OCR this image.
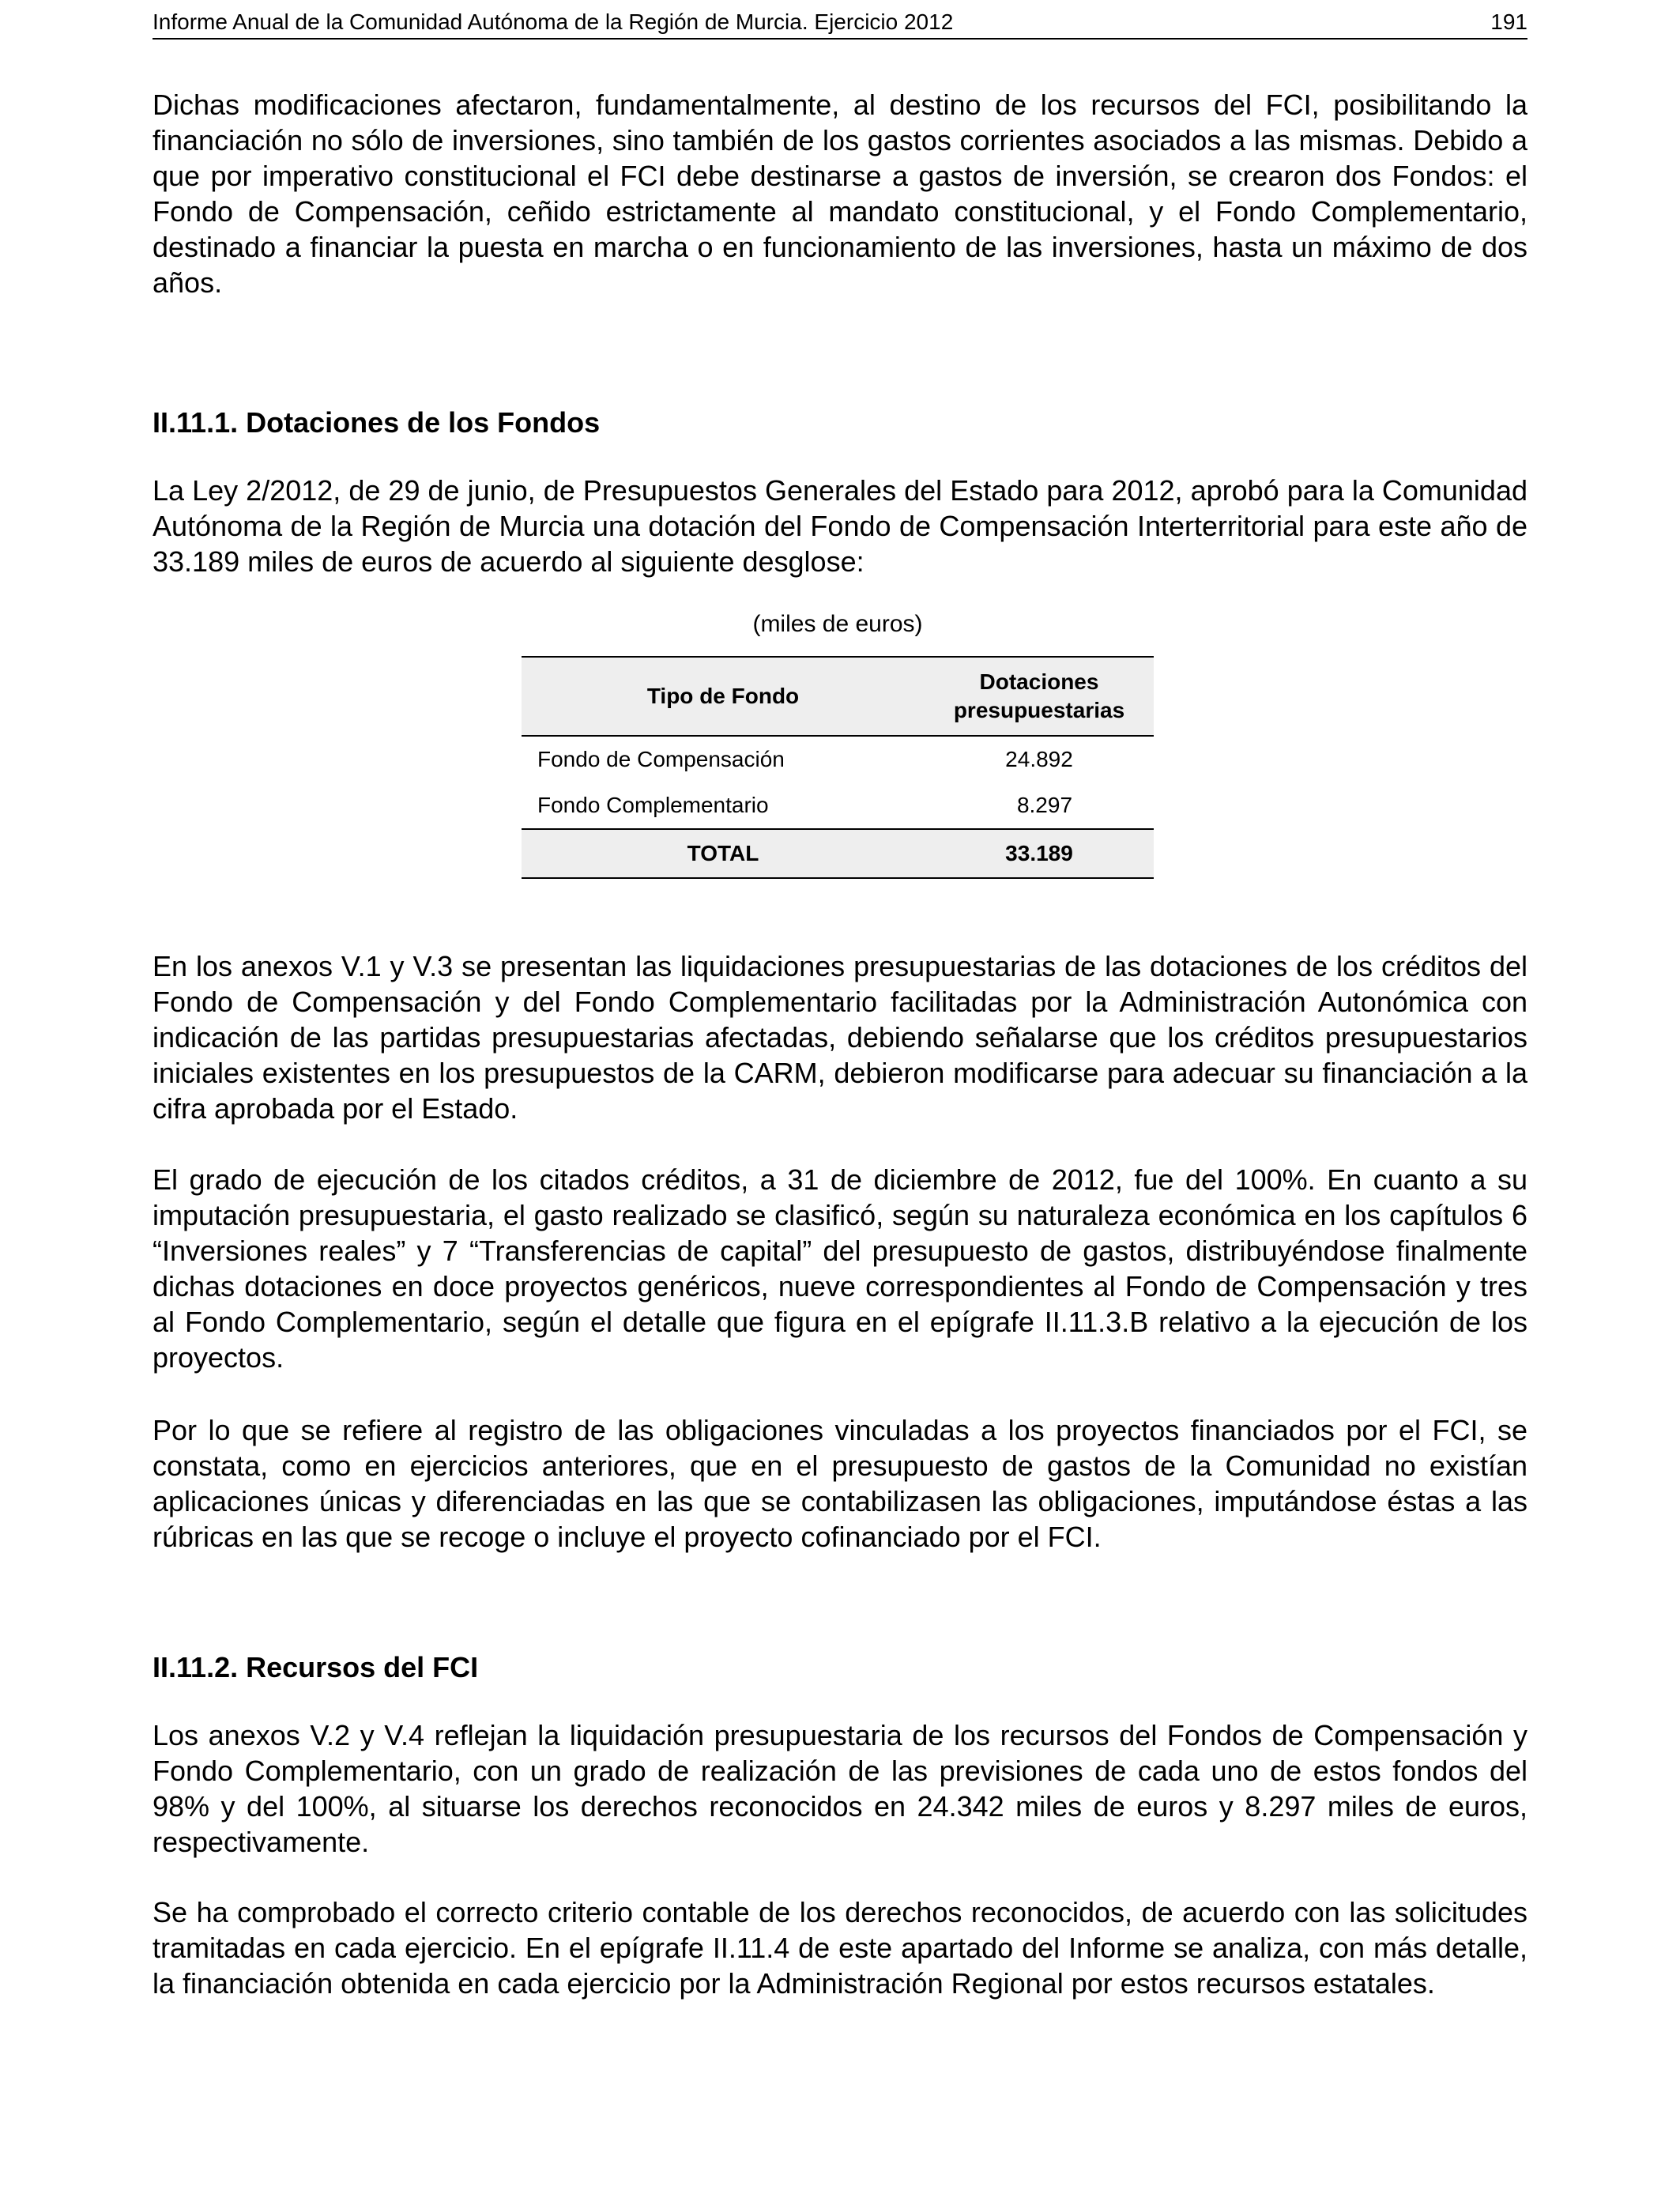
Informe Anual de la Comunidad Autónoma de la Región de Murcia. Ejercicio 2012	191

Dichas modificaciones afectaron, fundamentalmente, al destino de los recursos del FCI, posibilitando la financiación no sólo de inversiones, sino también de los gastos corrientes asociados a las mismas. Debido a que por imperativo constitucional el FCI debe destinarse a gastos de inversión, se crearon dos Fondos: el Fondo de Compensación, ceñido estrictamente al mandato constitucional, y el Fondo Complementario, destinado a financiar la puesta en marcha o en funcionamiento de las inversiones, hasta un máximo de dos años.

II.11.1. Dotaciones de los Fondos

La Ley 2/2012, de 29 de junio, de Presupuestos Generales del Estado para 2012, aprobó para la Comunidad Autónoma de la Región de Murcia una dotación del Fondo de Compensación Interterritorial para este año de 33.189 miles de euros de acuerdo al siguiente desglose:

(miles de euros)
Tipo de Fondo	Dotaciones
presupuestarias
Fondo de Compensación	24.892
Fondo Complementario	8.297
TOTAL	33.189

En los anexos V.1 y V.3 se presentan las liquidaciones presupuestarias de las dotaciones de los créditos del Fondo de Compensación y del Fondo Complementario facilitadas por la Administración Autonómica con indicación de las partidas presupuestarias afectadas, debiendo señalarse que los créditos presupuestarios iniciales existentes en los presupuestos de la CARM, debieron modificarse para adecuar su financiación a la cifra aprobada por el Estado.

El grado de ejecución de los citados créditos, a 31 de diciembre de 2012, fue del 100%. En cuanto a su imputación presupuestaria, el gasto realizado se clasificó, según su naturaleza económica en los capítulos 6 “Inversiones reales” y 7 “Transferencias de capital” del presupuesto de gastos, distribuyéndose finalmente dichas dotaciones en doce proyectos genéricos, nueve correspondientes al Fondo de Compensación y tres al Fondo Complementario, según el detalle que figura en el epígrafe II.11.3.B relativo a la ejecución de los proyectos.

Por lo que se refiere al registro de las obligaciones vinculadas a los proyectos financiados por el FCI, se constata, como en ejercicios anteriores, que en el presupuesto de gastos de la Comunidad no existían aplicaciones únicas y diferenciadas en las que se contabilizasen las obligaciones, imputándose éstas a las rúbricas en las que se recoge o incluye el proyecto cofinanciado por el FCI.

II.11.2. Recursos del FCI

Los anexos V.2 y V.4 reflejan la liquidación presupuestaria de los recursos del Fondos de Compensación y Fondo Complementario, con un grado de realización de las previsiones de cada uno de estos fondos del 98% y del 100%, al situarse los derechos reconocidos en 24.342 miles de euros y 8.297 miles de euros, respectivamente.

Se ha comprobado el correcto criterio contable de los derechos reconocidos, de acuerdo con las solicitudes tramitadas en cada ejercicio. En el epígrafe II.11.4 de este apartado del Informe se analiza, con más detalle, la financiación obtenida en cada ejercicio por la Administración Regional por estos recursos estatales.
